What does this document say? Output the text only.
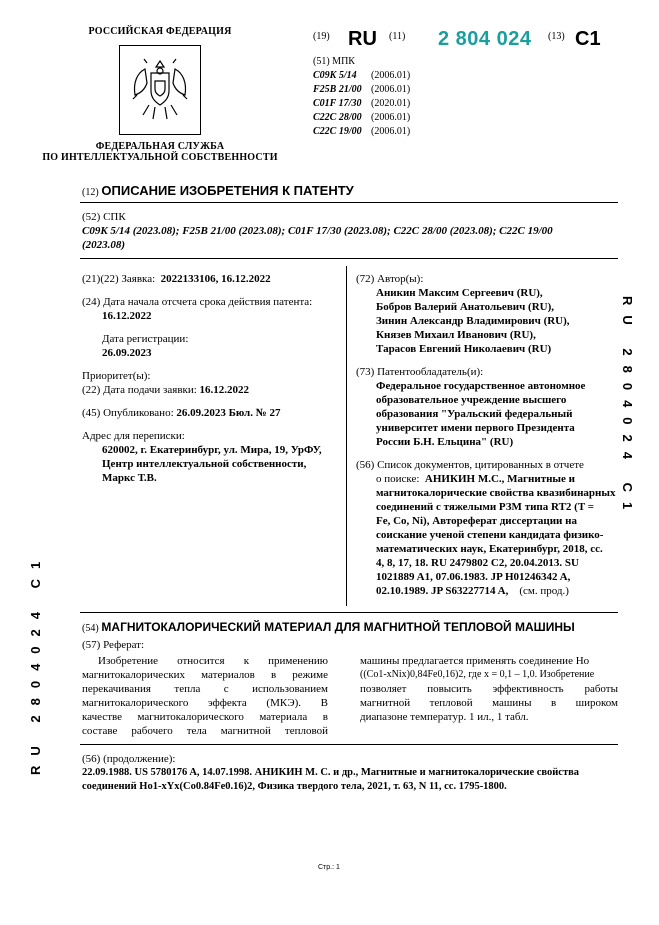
РОССИЙСКАЯ ФЕДЕРАЦИЯ
ФЕДЕРАЛЬНАЯ СЛУЖБА
ПО ИНТЕЛЛЕКТУАЛЬНОЙ СОБСТВЕННОСТИ
(19) RU (11) 2 804 024 (13) C1
(51) МПК
C09K 5/14 (2006.01)
F25B 21/00 (2006.01)
C01F 17/30 (2020.01)
C22C 28/00 (2006.01)
C22C 19/00 (2006.01)
(12) ОПИСАНИЕ ИЗОБРЕТЕНИЯ К ПАТЕНТУ
(52) СПК
C09K 5/14 (2023.08); F25B 21/00 (2023.08); C01F 17/30 (2023.08); C22C 28/00 (2023.08); C22C 19/00
(2023.08)
(21)(22) Заявка: 2022133106, 16.12.2022
(24) Дата начала отсчета срока действия патента:
16.12.2022
Дата регистрации:
26.09.2023
Приоритет(ы):
(22) Дата подачи заявки: 16.12.2022
(45) Опубликовано: 26.09.2023 Бюл. № 27
Адрес для переписки:
620002, г. Екатеринбург, ул. Мира, 19, УрФУ,
Центр интеллектуальной собственности,
Маркс Т.В.
(72) Автор(ы):
Аникин Максим Сергеевич (RU),
Бобров Валерий Анатольевич (RU),
Зинин Александр Владимирович (RU),
Князев Михаил Иванович (RU),
Тарасов Евгений Николаевич (RU)
(73) Патентообладатель(и):
Федеральное государственное автономное
образовательное учреждение высшего
образования "Уральский федеральный
университет имени первого Президента
России Б.Н. Ельцина" (RU)
(56) Список документов, цитированных в отчете
о поиске: АНИКИН М.С., Магнитные и
магнитокалорические свойства квазибинарных
соединений с тяжелыми РЗМ типа RT2 (T =
Fe, Co, Ni), Автореферат диссертации на
соискание ученой степени кандидата физико-
математических наук, Екатеринбург, 2018, сс.
4, 8, 17, 18. RU 2479802 C2, 20.04.2013. SU
1021889 A1, 07.06.1983. JP H01246342 A,
02.10.1989. JP S63227714 A, (см. прод.)
(54) МАГНИТОКАЛОРИЧЕСКИЙ МАТЕРИАЛ ДЛЯ МАГНИТНОЙ ТЕПЛОВОЙ МАШИНЫ
(57) Реферат:
Изобретение относится к применению
магнитокалорических материалов в режиме
перекачивания тепла с использованием
магнитокалорического эффекта (МКЭ). В
качестве магнитокалорического материала в
составе рабочего тела магнитной тепловой
машины предлагается применять соединение Ho
((Co1-xNix)0,84Fe0,16)2, где x = 0,1 – 1,0. Изобретение
позволяет повысить эффективность работы
магнитной тепловой машины в широком
диапазоне температур. 1 ил., 1 табл.
(56) (продолжение):
22.09.1988. US 5780176 A, 14.07.1998. АНИКИН М. С. и др., Магнитные и магнитокалорические свойства
соединений Ho1-xYx(Co0.84Fe0.16)2, Физика твердого тела, 2021, т. 63, N 11, сс. 1795-1800.
RU 2804024 C1
RU 2804024 C1
Стр.: 1
